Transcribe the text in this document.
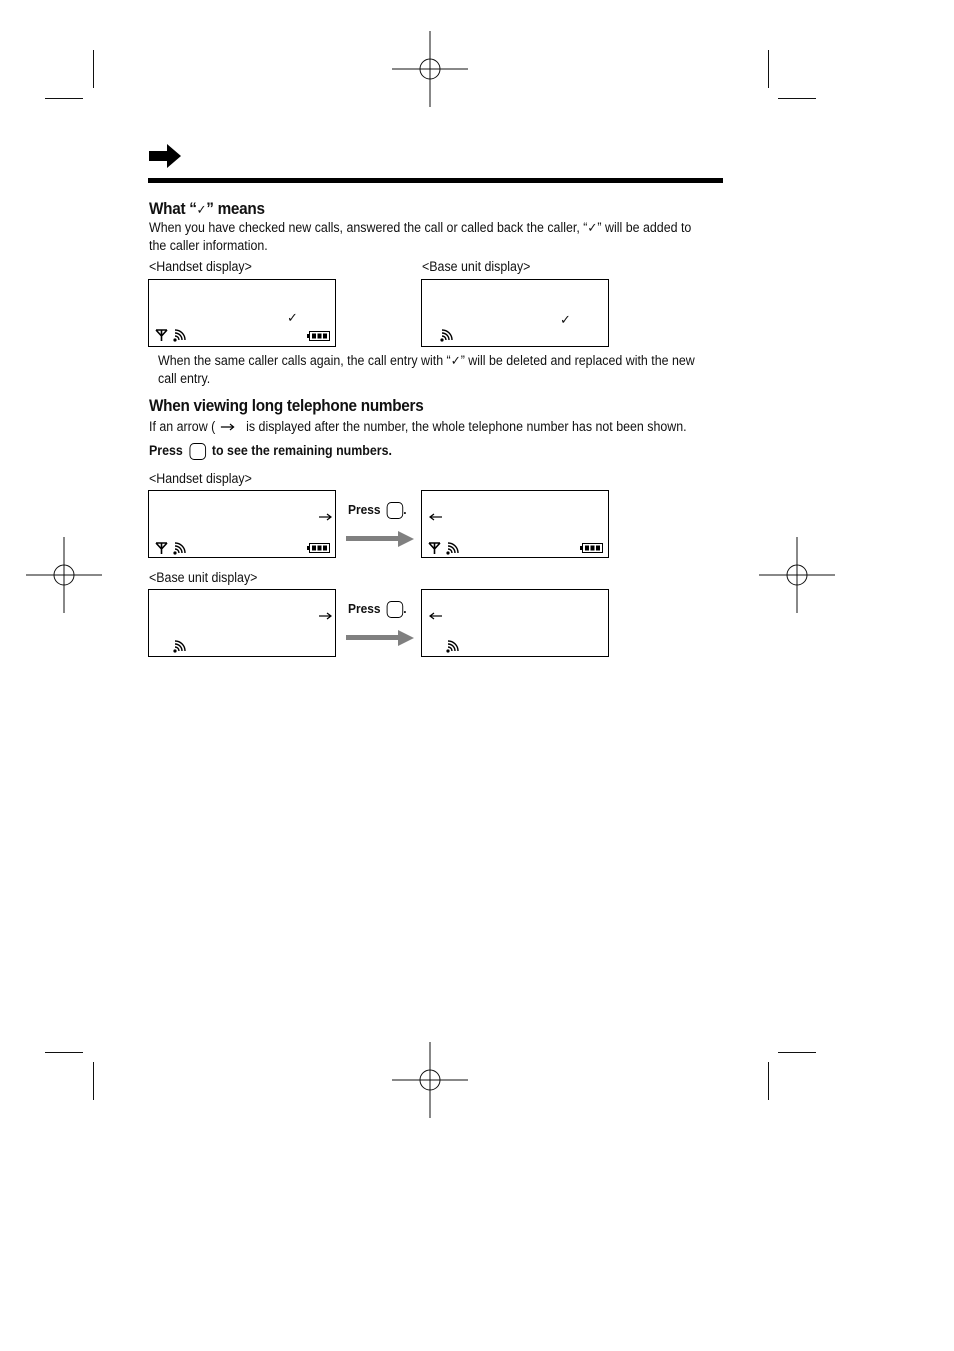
What “✓” means
When you have checked new calls, answered the call or called back the caller, “✓” will be added to the caller information.
<Handset display>	<Base unit display>
✓	✓
When the same caller calls again, the call entry with “✓” will be deleted and replaced with the new call entry.
When viewing long telephone numbers
If an arrow ( is displayed after the number, the whole telephone number has not been shown.
Press to see the remaining numbers.
<Handset display>
Press .
<Base unit display>
Press .
